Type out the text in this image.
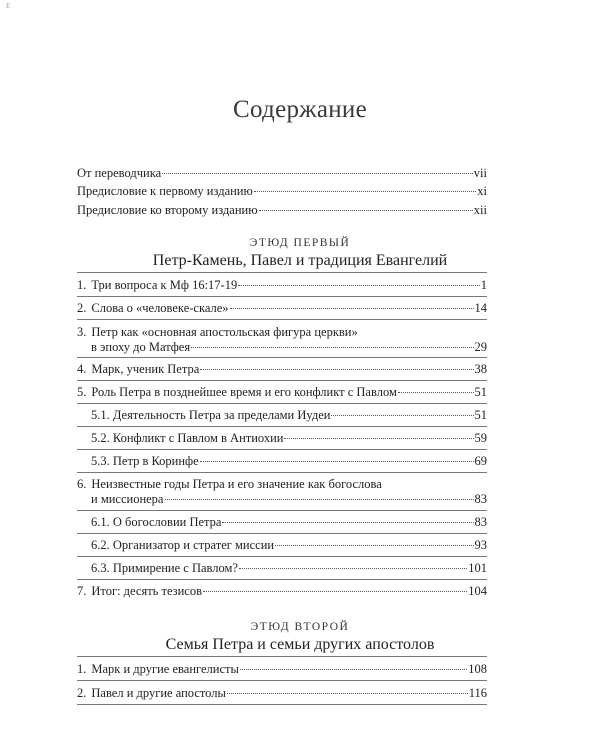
ε
Содержание
От переводчика	vii
Предисловие к первому изданию	xi
Предисловие ко второму изданию	xii
ЭТЮД ПЕРВЫЙ
Петр-Камень, Павел и традиция Евангелий
1. Три вопроса к Мф 16:17-19	1
2. Слова о «человеке-скале»	14
3. Петр как «основная апостольская фигура церкви»
в эпоху до Матфея	29
4. Марк, ученик Петра	38
5. Роль Петра в позднейшее время и его конфликт с Павлом	51
5.1. Деятельность Петра за пределами Иудеи	51
5.2. Конфликт с Павлом в Антиохии	59
5.3. Петр в Коринфе	69
6. Неизвестные годы Петра и его значение как богослова
и миссионера	83
6.1. О богословии Петра	83
6.2. Организатор и стратег миссии	93
6.3. Примирение с Павлом?	101
7. Итог: десять тезисов	104
ЭТЮД ВТОРОЙ
Семья Петра и семьи других апостолов
1. Марк и другие евангелисты	108
2. Павел и другие апостолы	116
